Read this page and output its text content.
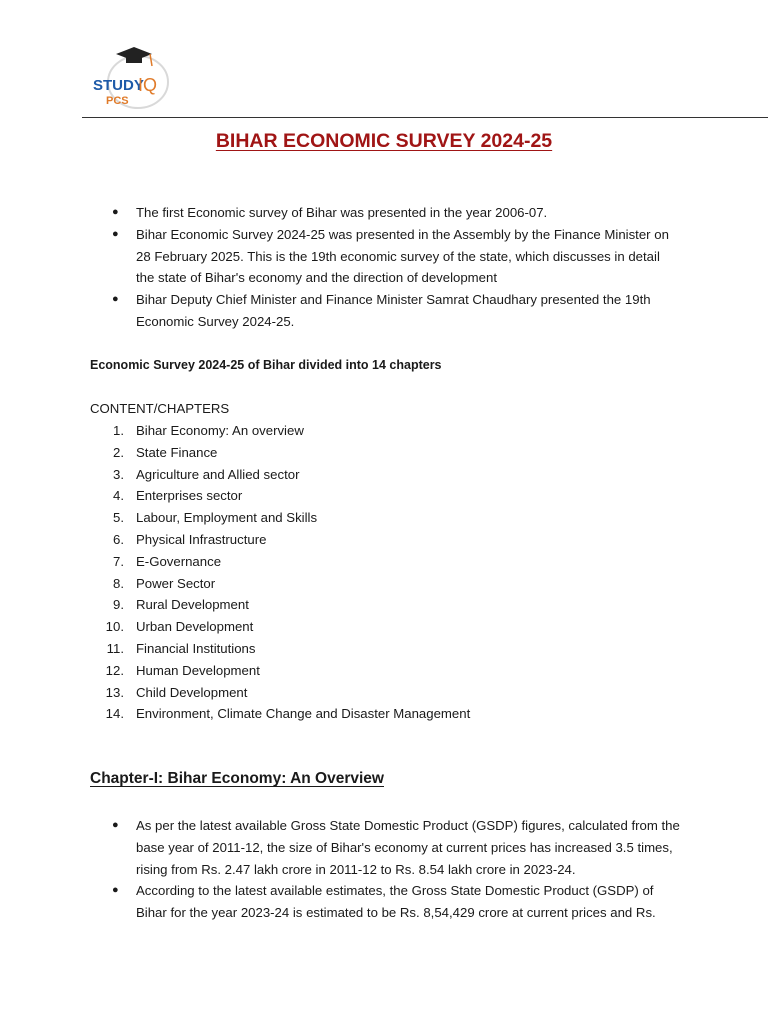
STUDY
IQ
PCS
BIHAR ECONOMIC SURVEY 2024-25
● The first Economic survey of Bihar was presented in the year 2006-07.
● Bihar Economic Survey 2024-25 was presented in the Assembly by the Finance Minister on 28 February 2025. This is the 19th economic survey of the state, which discusses in detail the state of Bihar's economy and the direction of development
● Bihar Deputy Chief Minister and Finance Minister Samrat Chaudhary presented the 19th Economic Survey 2024-25.
Economic Survey 2024-25 of Bihar divided into 14 chapters
CONTENT/CHAPTERS
1. Bihar Economy: An overview
2. State Finance
3. Agriculture and Allied sector
4. Enterprises sector
5. Labour, Employment and Skills
6. Physical Infrastructure
7. E-Governance
8. Power Sector
9. Rural Development
10. Urban Development
11. Financial Institutions
12. Human Development
13. Child Development
14. Environment, Climate Change and Disaster Management
Chapter-I: Bihar Economy: An Overview
● As per the latest available Gross State Domestic Product (GSDP) figures, calculated from the base year of 2011-12, the size of Bihar's economy at current prices has increased 3.5 times, rising from Rs. 2.47 lakh crore in 2011-12 to Rs. 8.54 lakh crore in 2023-24.
● According to the latest available estimates, the Gross State Domestic Product (GSDP) of Bihar for the year 2023-24 is estimated to be Rs. 8,54,429 crore at current prices and Rs.
